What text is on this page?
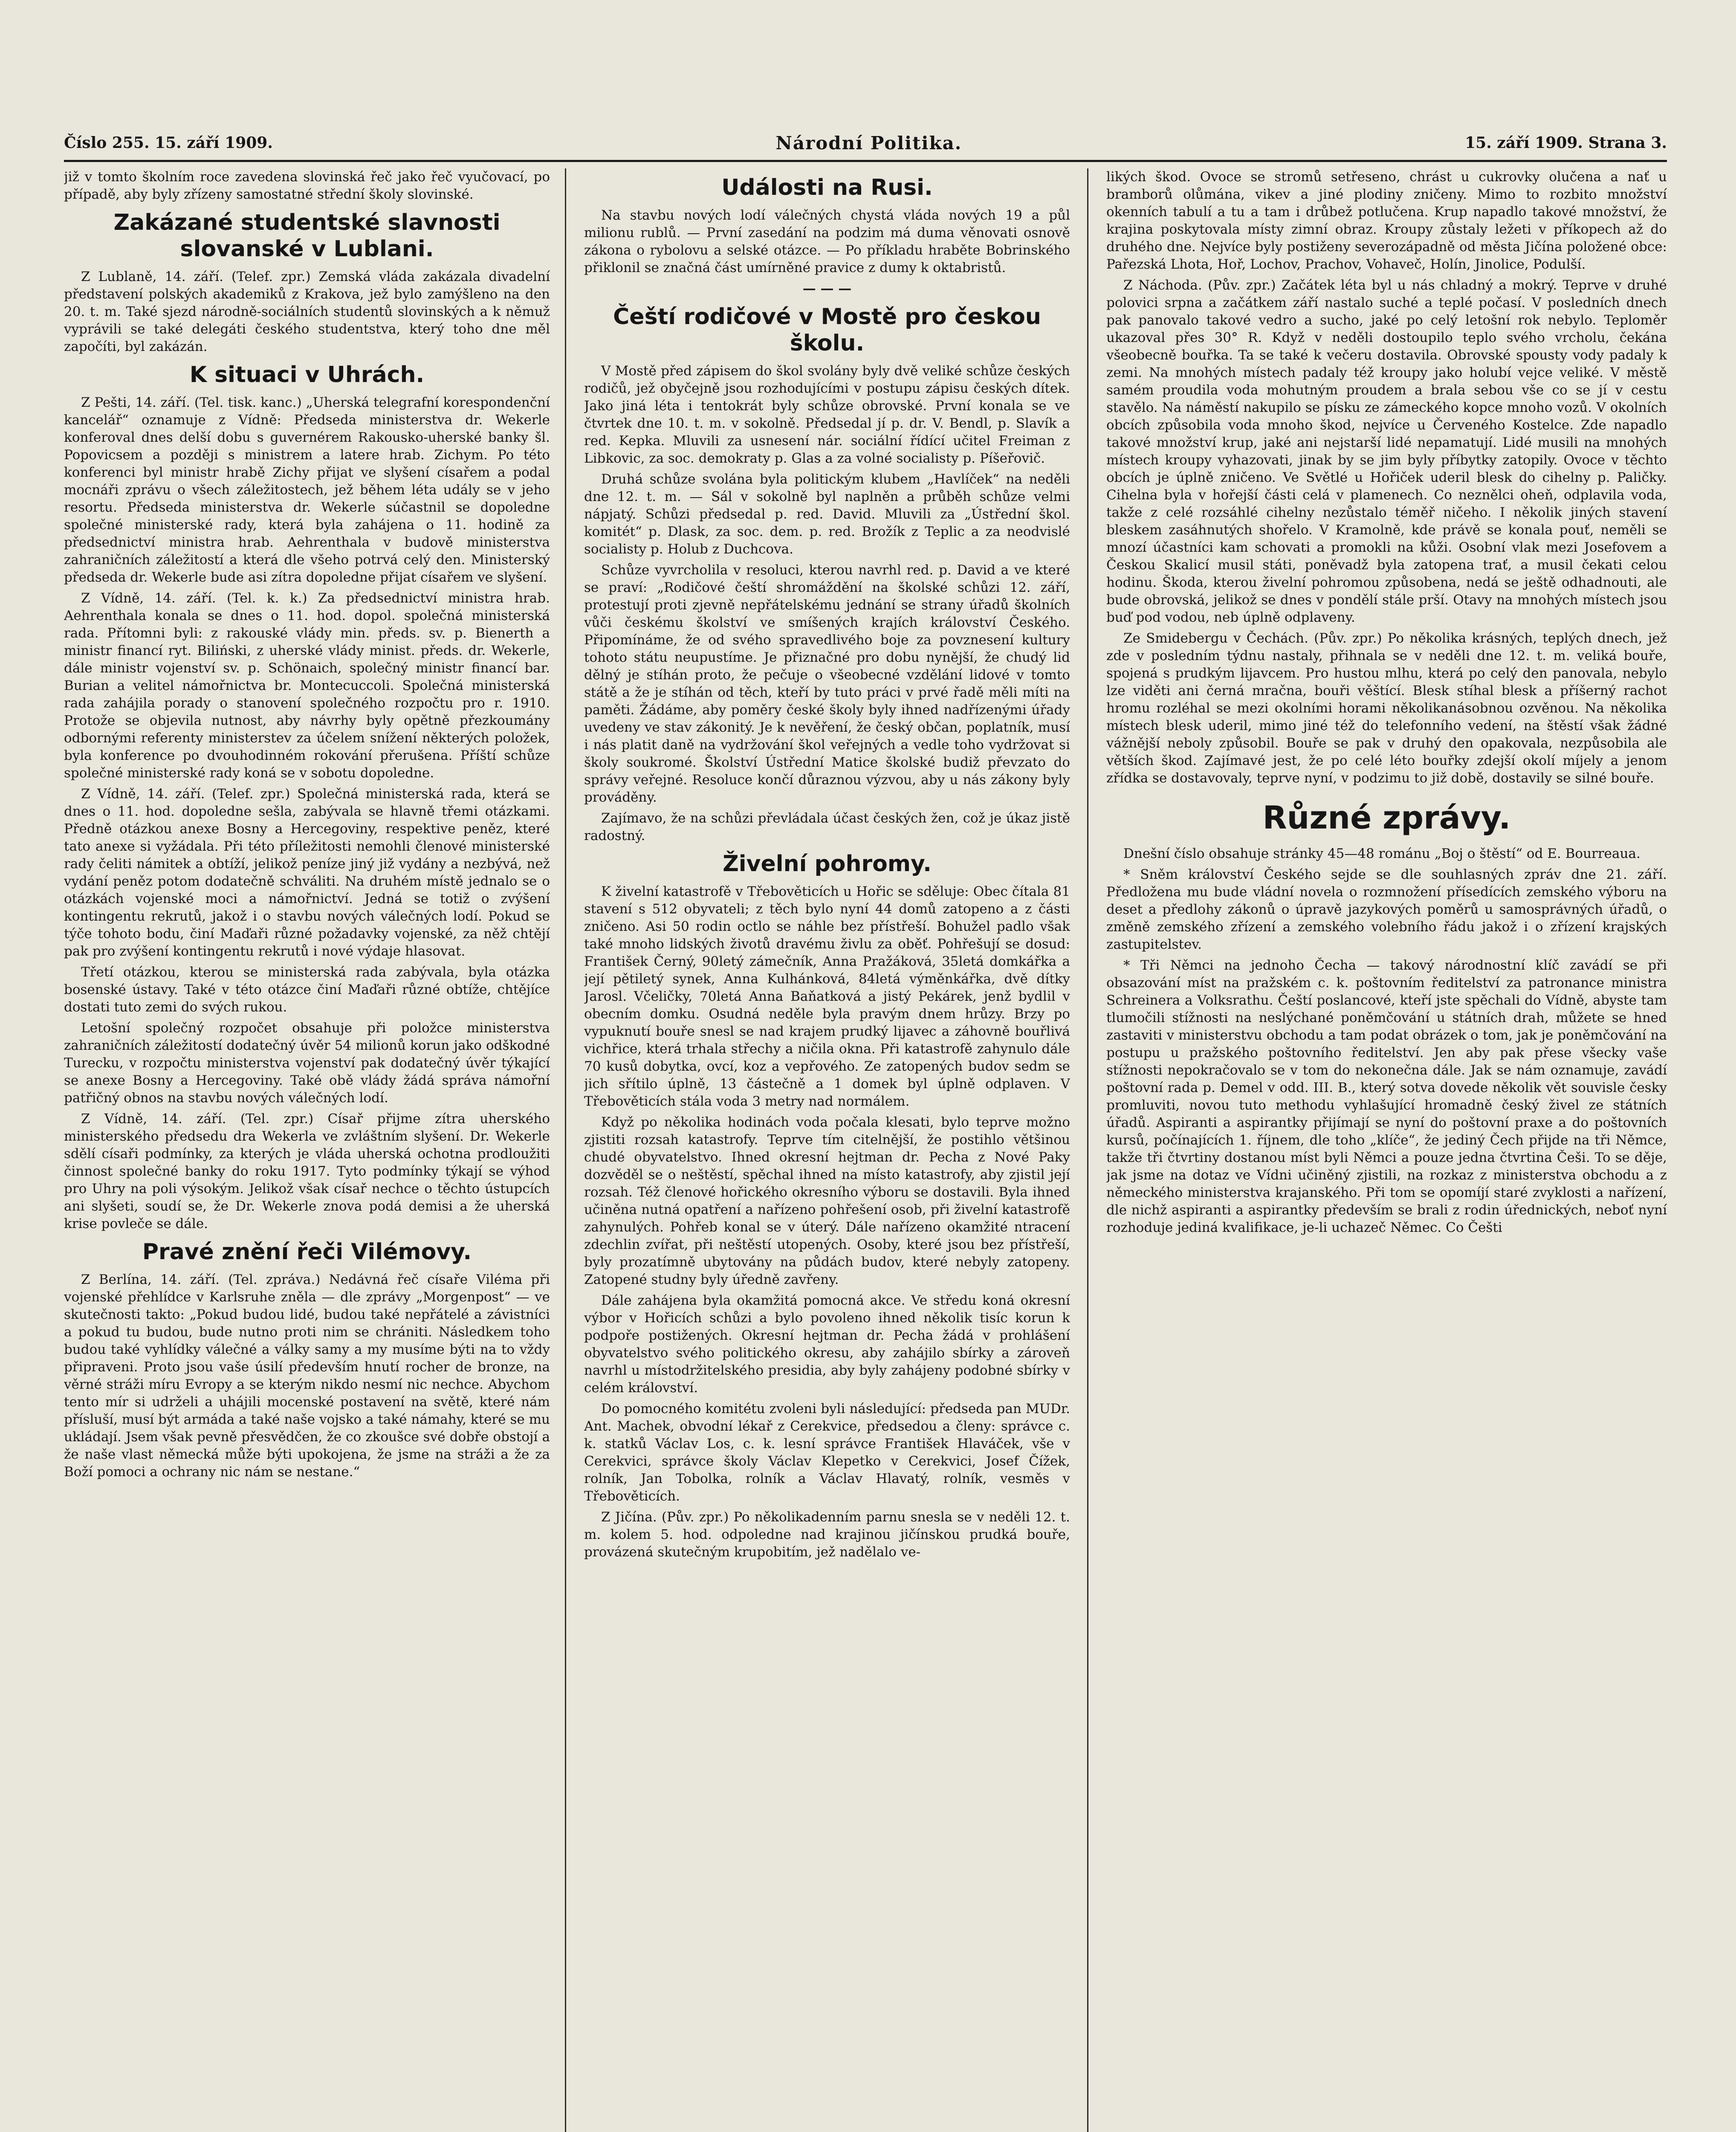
Číslo 255. 15. září 1909.	Národní Politika.	15. září 1909. Strana 3.

již v tomto školním roce zavedena slovinská řeč jako řeč vyučovací, po případě, aby byly zřízeny samostatné střední školy slovinské.

Zakázané studentské slavnosti slovanské v Lublani.

Z Lublaně, 14. září. (Telef. zpr.) Zemská vláda zakázala divadelní představení polských akademiků z Krakova, jež bylo zamýšleno na den 20. t. m. Také sjezd národně-sociálních studentů slovinských a k němuž vyprávili se také delegáti českého studentstva, který toho dne měl započíti, byl zakázán.

K situaci v Uhrách.

Z Pešti, 14. září. (Tel. tisk. kanc.) „Uherská telegrafní korespondenční kancelář“ oznamuje z Vídně: Předseda ministerstva dr. Wekerle konferoval dnes delší dobu s guvernérem Rakousko-uherské banky šl. Popovicsem a později s ministrem a latere hrab. Zichym. Po této konferenci byl ministr hrabě Zichy přijat ve slyšení císařem a podal mocnáři zprávu o všech záležitostech, jež během léta udály se v jeho resortu. Předseda ministerstva dr. Wekerle súčastnil se dopoledne společné ministerské rady, která byla zahájena o 11. hodině za předsednictví ministra hrab. Aehrenthala v budově ministerstva zahraničních záležitostí a která dle všeho potrvá celý den. Ministerský předseda dr. Wekerle bude asi zítra dopoledne přijat císařem ve slyšení.

Z Vídně, 14. září. (Tel. k. k.) Za předsednictví ministra hrab. Aehrenthala konala se dnes o 11. hod. dopol. společná ministerská rada. Přítomni byli: z rakouské vlády min. předs. sv. p. Bienerth a ministr financí ryt. Biliński, z uherské vlády minist. předs. dr. Wekerle, dále ministr vojenství sv. p. Schönaich, společný ministr financí bar. Burian a velitel námořnictva br. Montecuccoli. Společná ministerská rada zahájila porady o stanovení společného rozpočtu pro r. 1910. Protože se objevila nutnost, aby návrhy byly opětně přezkoumány odbornými referenty ministerstev za účelem snížení některých položek, byla konference po dvouhodinném rokování přerušena. Příští schůze společné ministerské rady koná se v sobotu dopoledne.

Z Vídně, 14. září. (Telef. zpr.) Společná ministerská rada, která se dnes o 11. hod. dopoledne sešla, zabývala se hlavně třemi otázkami. Předně otázkou anexe Bosny a Hercegoviny, respektive peněz, které tato anexe si vyžádala. Při této příležitosti nemohli členové ministerské rady čeliti námitek a obtíží, jelikož peníze jiný již vydány a nezbývá, než vydání peněz potom dodatečně schváliti. Na druhém místě jednalo se o otázkách vojenské moci a námořnictví. Jedná se totiž o zvýšení kontingentu rekrutů, jakož i o stavbu nových válečných lodí. Pokud se týče tohoto bodu, činí Maďaři různé požadavky vojenské, za něž chtějí pak pro zvýšení kontingentu rekrutů i nové výdaje hlasovat.

Třetí otázkou, kterou se ministerská rada zabývala, byla otázka bosenské ústavy. Také v této otázce činí Maďaři různé obtíže, chtějíce dostati tuto zemi do svých rukou.

Letošní společný rozpočet obsahuje při položce ministerstva zahraničních záležitostí dodatečný úvěr 54 milionů korun jako odškodné Turecku, v rozpočtu ministerstva vojenství pak dodatečný úvěr týkající se anexe Bosny a Hercegoviny. Také obě vlády žádá správa námořní patřičný obnos na stavbu nových válečných lodí.

Z Vídně, 14. září. (Tel. zpr.) Císař přijme zítra uherského ministerského předsedu dra Wekerla ve zvláštním slyšení. Dr. Wekerle sdělí císaři podmínky, za kterých je vláda uherská ochotna prodloužiti činnost společné banky do roku 1917. Tyto podmínky týkají se výhod pro Uhry na poli výsokým. Jelikož však císař nechce o těchto ústupcích ani slyšeti, soudí se, že Dr. Wekerle znova podá demisi a že uherská krise povleče se dále.

Pravé znění řeči Vilémovy.

Z Berlína, 14. září. (Tel. zpráva.) Nedávná řeč císaře Viléma při vojenské přehlídce v Karlsruhe zněla — dle zprávy „Morgenpost“ — ve skutečnosti takto: „Pokud budou lidé, budou také nepřátelé a závistníci a pokud tu budou, bude nutno proti nim se chrániti. Následkem toho budou také vyhlídky válečné a války samy a my musíme býti na to vždy připraveni. Proto jsou vaše úsilí především hnutí rocher de bronze, na věrné stráži míru Evropy a se kterým nikdo nesmí nic nechce. Abychom tento mír si udrželi a uhájili mocenské postavení na světě, které nám přísluší, musí být armáda a také naše vojsko a také námahy, které se mu ukládají. Jsem však pevně přesvědčen, že co zkoušce své dobře obstojí a že naše vlast německá může býti upokojena, že jsme na stráži a že za Boží pomoci a ochrany nic nám se nestane.“

Události na Rusi.

Na stavbu nových lodí válečných chystá vláda nových 19 a půl milionu rublů. — První zasedání na podzim má duma věnovati osnově zákona o rybolovu a selské otázce. — Po příkladu hraběte Bobrinského přiklonil se značná část umírněné pravice z dumy k oktabristů.

— — —
Čeští rodičové v Mostě pro českou školu.

V Mostě před zápisem do škol svolány byly dvě veliké schůze českých rodičů, jež obyčejně jsou rozhodujícími v postupu zápisu českých dítek. Jako jiná léta i tentokrát byly schůze obrovské. První konala se ve čtvrtek dne 10. t. m. v sokolně. Předsedal jí p. dr. V. Bendl, p. Slavík a red. Kepka. Mluvili za usnesení nár. sociální řídící učitel Freiman z Libkovic, za soc. demokraty p. Glas a za volné socialisty p. Píšeřovič.

Druhá schůze svolána byla politickým klubem „Havlíček“ na neděli dne 12. t. m. — Sál v sokolně byl naplněn a průběh schůze velmi nápjatý. Schůzi předsedal p. red. David. Mluvili za „Ústřední škol. komitét“ p. Dlask, za soc. dem. p. red. Brožík z Teplic a za neodvislé socialisty p. Holub z Duchcova.

Schůze vyvrcholila v resoluci, kterou navrhl red. p. David a ve které se praví: „Rodičové čeští shromáždění na školské schůzi 12. září, protestují proti zjevně nepřátelskému jednání se strany úřadů školních vůči českému školství ve smíšených krajích království Českého. Připomínáme, že od svého spravedlivého boje za povznesení kultury tohoto státu neupustíme. Je přiznačné pro dobu nynější, že chudý lid dělný je stíhán proto, že pečuje o všeobecné vzdělání lidové v tomto státě a že je stíhán od těch, kteří by tuto práci v prvé řadě měli míti na paměti. Žádáme, aby poměry české školy byly ihned nadřízenými úřady uvedeny ve stav zákonitý. Je k nevěření, že český občan, poplatník, musí i nás platit daně na vydržování škol veřejných a vedle toho vydržovat si školy soukromé. Školství Ústřední Matice školské budiž převzato do správy veřejné. Resoluce končí důraznou výzvou, aby u nás zákony byly prováděny.

Zajímavo, že na schůzi převládala účast českých žen, což je úkaz jistě radostný.

Živelní pohromy.

K živelní katastrofě v Třebověticích u Hořic se sděluje: Obec čítala 81 stavení s 512 obyvateli; z těch bylo nyní 44 domů zatopeno a z části zničeno. Asi 50 rodin octlo se náhle bez přístřeší. Bohužel padlo však také mnoho lidských životů dravému živlu za oběť. Pohřešují se dosud: František Černý, 90letý zámečník, Anna Pražáková, 35letá domkářka a její pětiletý synek, Anna Kulhánková, 84letá výměnkářka, dvě dítky Jarosl. Včeličky, 70letá Anna Baňatková a jistý Pekárek, jenž bydlil v obecním domku. Osudná neděle byla pravým dnem hrůzy. Brzy po vypuknutí bouře snesl se nad krajem prudký lijavec a záhovně bouřlivá vichřice, která trhala střechy a ničila okna. Při katastrofě zahynulo dále 70 kusů dobytka, ovcí, koz a vepřového. Ze zatopených budov sedm se jich sřítilo úplně, 13 částečně a 1 domek byl úplně odplaven. V Třebověticích stála voda 3 metry nad normálem.

Když po několika hodinách voda počala klesati, bylo teprve možno zjistiti rozsah katastrofy. Teprve tím citelnější, že postihlo většinou chudé obyvatelstvo. Ihned okresní hejtman dr. Pecha z Nové Paky dozvěděl se o neštěstí, spěchal ihned na místo katastrofy, aby zjistil její rozsah. Též členové hořického okresního výboru se dostavili. Byla ihned učiněna nutná opatření a nařízeno pohřešení osob, při živelní katastrofě zahynulých. Pohřeb konal se v úterý. Dále nařízeno okamžité ntracení zdechlin zvířat, při neštěstí utopených. Osoby, které jsou bez přístřeší, byly prozatímně ubytovány na půdách budov, které nebyly zatopeny. Zatopené studny byly úředně zavřeny.

Dále zahájena byla okamžitá pomocná akce. Ve středu koná okresní výbor v Hořicích schůzi a bylo povoleno ihned několik tisíc korun k podpoře postižených. Okresní hejtman dr. Pecha žádá v prohlášení obyvatelstvo svého politického okresu, aby zahájilo sbírky a zároveň navrhl u místodržitelského presidia, aby byly zahájeny podobné sbírky v celém království.

Do pomocného komitétu zvoleni byli následující: předseda pan MUDr. Ant. Machek, obvodní lékař z Cerekvice, předsedou a členy: správce c. k. statků Václav Los, c. k. lesní správce František Hlaváček, vše v Cerekvici, správce školy Václav Klepetko v Cerekvici, Josef Čížek, rolník, Jan Tobolka, rolník a Václav Hlavatý, rolník, vesměs v Třebověticích.

Z Jičína. (Pův. zpr.) Po několikadenním parnu snesla se v neděli 12. t. m. kolem 5. hod. odpoledne nad krajinou jičínskou prudká bouře, provázená skutečným krupobitím, jež nadělalo ve-

likých škod. Ovoce se stromů setřeseno, chrást u cukrovky olučena a nať u bramborů olůmána, vikev a jiné plodiny zničeny. Mimo to rozbito množství okenních tabulí a tu a tam i drůbež potlučena. Krup napadlo takové množství, že krajina poskytovala místy zimní obraz. Kroupy zůstaly ležeti v příkopech až do druhého dne. Nejvíce byly postiženy severozápadně od města Jičína položené obce: Pařezská Lhota, Hoř, Lochov, Prachov, Vohaveč, Holín, Jinolice, Podulší.

Z Náchoda. (Pův. zpr.) Začátek léta byl u nás chladný a mokrý. Teprve v druhé polovici srpna a začátkem září nastalo suché a teplé počasí. V posledních dnech pak panovalo takové vedro a sucho, jaké po celý letošní rok nebylo. Teploměr ukazoval přes 30° R. Když v neděli dostoupilo teplo svého vrcholu, čekána všeobecně bouřka. Ta se také k večeru dostavila. Obrovské spousty vody padaly k zemi. Na mnohých místech padaly též kroupy jako holubí vejce veliké. V městě samém proudila voda mohutným proudem a brala sebou vše co se jí v cestu stavělo. Na náměstí nakupilo se písku ze zámeckého kopce mnoho vozů. V okolních obcích způsobila voda mnoho škod, nejvíce u Červeného Kostelce. Zde napadlo takové množství krup, jaké ani nejstarší lidé nepamatují. Lidé musili na mnohých místech kroupy vyhazovati, jinak by se jim byly příbytky zatopily. Ovoce v těchto obcích je úplně zničeno. Ve Světlé u Hořiček uderil blesk do cihelny p. Paličky. Cihelna byla v hořejší části celá v plamenech. Co neznělci oheň, odplavila voda, takže z celé rozsáhlé cihelny nezůstalo téměř ničeho. I několik jiných stavení bleskem zasáhnutých shořelo. V Kramolně, kde právě se konala pouť, neměli se mnozí účastníci kam schovati a promokli na kůži. Osobní vlak mezi Josefovem a Českou Skalicí musil státi, poněvadž byla zatopena trať, a musil čekati celou hodinu. Škoda, kterou živelní pohromou způsobena, nedá se ještě odhadnouti, ale bude obrovská, jelikož se dnes v pondělí stále prší. Otavy na mnohých místech jsou buď pod vodou, neb úplně odplaveny.

Ze Smidebergu v Čechách. (Pův. zpr.) Po několika krásných, teplých dnech, jež zde v posledním týdnu nastaly, přihnala se v neděli dne 12. t. m. veliká bouře, spojená s prudkým lijavcem. Pro hustou mlhu, která po celý den panovala, nebylo lze viděti ani černá mračna, bouři věštící. Blesk stíhal blesk a příšerný rachot hromu rozléhal se mezi okolními horami několikanásobnou ozvěnou. Na několika místech blesk uderil, mimo jiné též do telefonního vedení, na štěstí však žádné vážnější neboly způsobil. Bouře se pak v druhý den opakovala, nezpůsobila ale větších škod. Zajímavé jest, že po celé léto bouřky zdejší okolí míjely a jenom zřídka se dostavovaly, teprve nyní, v podzimu to již době, dostavily se silné bouře.

Různé zprávy.

Dnešní číslo obsahuje stránky 45—48 románu „Boj o štěstí“ od E. Bourreaua.

* Sněm království Českého sejde se dle souhlasných zpráv dne 21. září. Předložena mu bude vládní novela o rozmnožení přísedících zemského výboru na deset a předlohy zákonů o úpravě jazykových poměrů u samosprávných úřadů, o změně zemského zřízení a zemského volebního řádu jakož i o zřízení krajských zastupitelstev.

* Tři Němci na jednoho Čecha — takový národnostní klíč zavádí se při obsazování míst na pražském c. k. poštovním ředitelství za patronance ministra Schreinera a Volksrathu. Čeští poslancové, kteří jste spěchali do Vídně, abyste tam tlumočili stížnosti na neslýchané poněmčování u státních drah, můžete se hned zastaviti v ministerstvu obchodu a tam podat obrázek o tom, jak je poněmčování na postupu u pražského poštovního ředitelství. Jen aby pak přese všecky vaše stížnosti nepokračovalo se v tom do nekonečna dále. Jak se nám oznamuje, zavádí poštovní rada p. Demel v odd. III. B., který sotva dovede několik vět souvisle česky promluviti, novou tuto methodu vyhlašující hromadně český živel ze státních úřadů. Aspiranti a aspirantky přijímají se nyní do poštovní praxe a do poštovních kursů, počínajících 1. říjnem, dle toho „klíče“, že jediný Čech přijde na tři Němce, takže tři čtvrtiny dostanou míst byli Němci a pouze jedna čtvrtina Češi. To se děje, jak jsme na dotaz ve Vídni učiněný zjistili, na rozkaz z ministerstva obchodu a z německého ministerstva krajanského. Při tom se opomíjí staré zvyklosti a nařízení, dle nichž aspiranti a aspirantky především se brali z rodin úřednických, neboť nyní rozhoduje jediná kvalifikace, je-li uchazeč Němec. Co Češti
